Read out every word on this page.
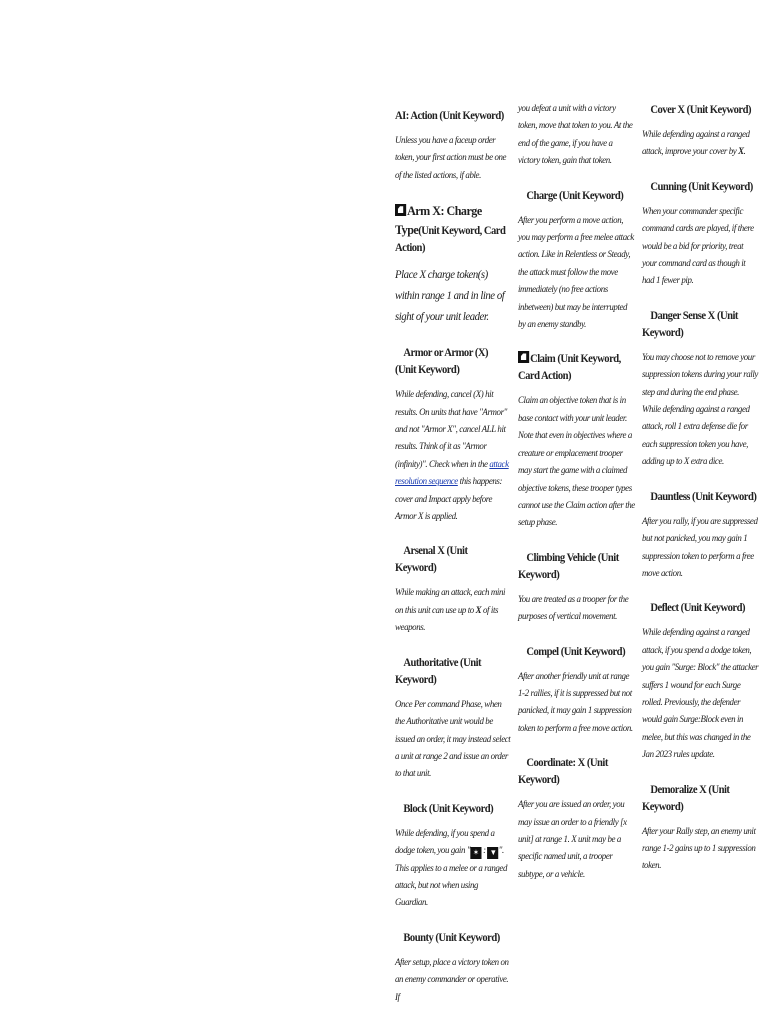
AI: Action (Unit Keyword)

Unless you have a faceup order token, your first action must be one of the listed actions, if able.

Arm X: Charge Type(Unit Keyword, Card Action)

Place X charge token(s) within range 1 and in line of sight of your unit leader.

Armor or Armor (X) (Unit Keyword)

While defending, cancel (X) hit results. On units that have "Armor" and not "Armor X", cancel ALL hit results. Think of it as "Armor (infinity)". Check when in the attack resolution sequence this happens: cover and Impact apply before Armor X is applied.

Arsenal X (Unit Keyword)

While making an attack, each mini on this unit can use up to X of its weapons.

Authoritative (Unit Keyword)

Once Per command Phase, when the Authoritative unit would be issued an order, it may instead select a unit at range 2 and issue an order to that unit.

Block (Unit Keyword)

While defending, if you spend a dodge token, you gain " ✶ : ▼ ". This applies to a melee or a ranged attack, but not when using Guardian.

Bounty (Unit Keyword)

After setup, place a victory token on an enemy commander or operative. If

you defeat a unit with a victory token, move that token to you. At the end of the game, if you have a victory token, gain that token.

Charge (Unit Keyword)

After you perform a move action, you may perform a free melee attack action. Like in Relentless or Steady, the attack must follow the move immediately (no free actions inbetween) but may be interrupted by an enemy standby.

Claim (Unit Keyword,
Card Action)

Claim an objective token that is in base contact with your unit leader. Note that even in objectives where a creature or emplacement trooper may start the game with a claimed objective tokens, these trooper types cannot use the Claim action after the setup phase.

Climbing Vehicle (Unit Keyword)

You are treated as a trooper for the purposes of vertical movement.

Compel (Unit Keyword)

After another friendly unit at range 1-2 rallies, if it is suppressed but not panicked, it may gain 1 suppression token to perform a free move action.

Coordinate: X (Unit Keyword)

After you are issued an order, you may issue an order to a friendly [x unit] at range 1. X unit may be a specific named unit, a trooper subtype, or a vehicle.

Cover X (Unit Keyword)

While defending against a ranged attack, improve your cover by X.

Cunning (Unit Keyword)

When your commander specific command cards are played, if there would be a bid for priority, treat your command card as though it had 1 fewer pip.

Danger Sense X (Unit Keyword)

You may choose not to remove your suppression tokens during your rally step and during the end phase. While defending against a ranged attack, roll 1 extra defense die for each suppression token you have, adding up to X extra dice.

Dauntless (Unit Keyword)

After you rally, if you are suppressed but not panicked, you may gain 1 suppression token to perform a free move action.

Deflect (Unit Keyword)

While defending against a ranged attack, if you spend a dodge token, you gain "Surge: Block" the attacker suffers 1 wound for each Surge rolled. Previously, the defender would gain Surge:Block even in melee, but this was changed in the Jan 2023 rules update.

Demoralize X (Unit Keyword)

After your Rally step, an enemy unit range 1-2 gains up to 1 suppression token.
